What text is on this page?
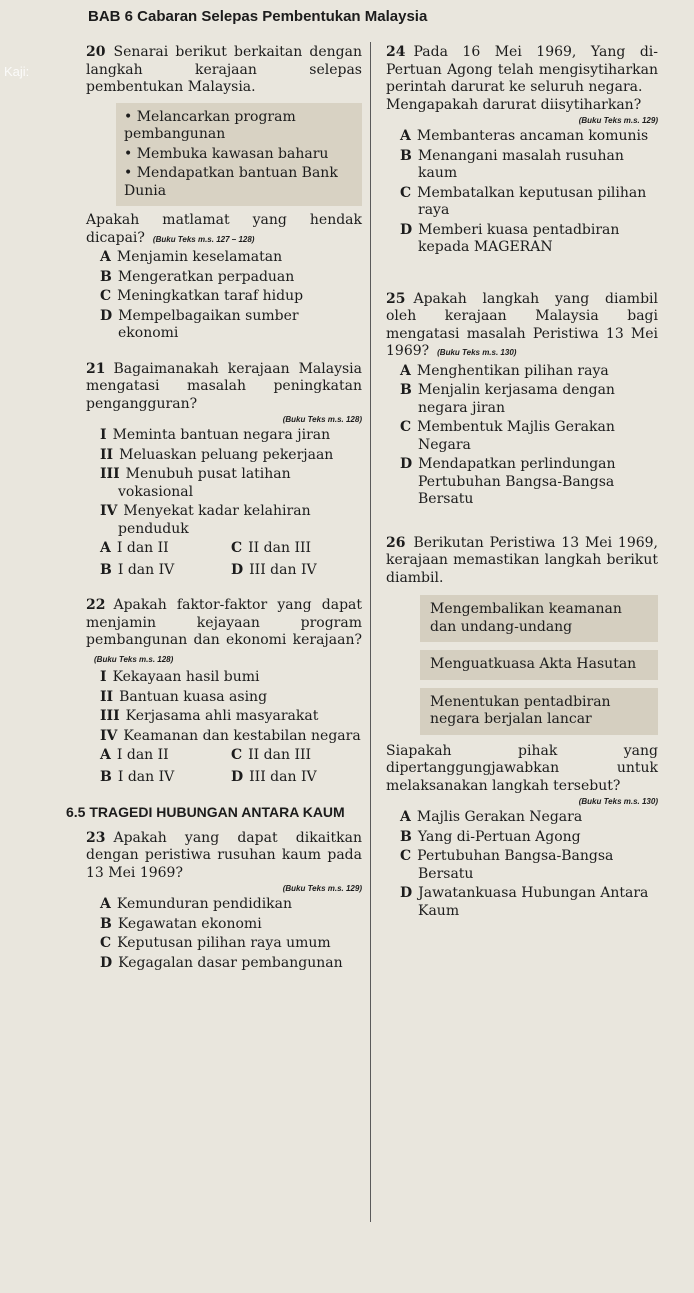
BAB 6 Cabaran Selepas Pembentukan Malaysia
Kaji:
20 Senarai berikut berkaitan dengan langkah kerajaan selepas pembentukan Malaysia.
• Melancarkan program pembangunan
• Membuka kawasan baharu
• Mendapatkan bantuan Bank Dunia
Apakah matlamat yang hendak dicapai? (Buku Teks m.s. 127 – 128)
A Menjamin keselamatan
B Mengeratkan perpaduan
C Meningkatkan taraf hidup
D Mempelbagaikan sumber ekonomi
21 Bagaimanakah kerajaan Malaysia mengatasi masalah peningkatan pengangguran?
(Buku Teks m.s. 128)
I Meminta bantuan negara jiran
II Meluaskan peluang pekerjaan
III Menubuh pusat latihan vokasional
IV Menyekat kadar kelahiran penduduk
A I dan II	C II dan III
B I dan IV	D III dan IV
22 Apakah faktor-faktor yang dapat menjamin kejayaan program pembangunan dan ekonomi kerajaan?(Buku Teks m.s. 128)
I Kekayaan hasil bumi
II Bantuan kuasa asing
III Kerjasama ahli masyarakat
IV Keamanan dan kestabilan negara
A I dan II	C II dan III
B I dan IV	D III dan IV
6.5 TRAGEDI HUBUNGAN ANTARA KAUM
23 Apakah yang dapat dikaitkan dengan peristiwa rusuhan kaum pada 13 Mei 1969?
(Buku Teks m.s. 129)
A Kemunduran pendidikan
B Kegawatan ekonomi
C Keputusan pilihan raya umum
D Kegagalan dasar pembangunan
24 Pada 16 Mei 1969, Yang di-Pertuan Agong telah mengisytiharkan perintah darurat ke seluruh negara.
Mengapakah darurat diisytiharkan?
(Buku Teks m.s. 129)
A Membanteras ancaman komunis
B Menangani masalah rusuhan kaum
C Membatalkan keputusan pilihan raya
D Memberi kuasa pentadbiran kepada MAGERAN
25 Apakah langkah yang diambil oleh kerajaan Malaysia bagi mengatasi masalah Peristiwa 13 Mei 1969? (Buku Teks m.s. 130)
A Menghentikan pilihan raya
B Menjalin kerjasama dengan negara jiran
C Membentuk Majlis Gerakan Negara
D Mendapatkan perlindungan Pertubuhan Bangsa-Bangsa Bersatu
26 Berikutan Peristiwa 13 Mei 1969, kerajaan memastikan langkah berikut diambil.
Mengembalikan keamanan dan undang-undang
Menguatkuasa Akta Hasutan
Menentukan pentadbiran negara berjalan lancar
Siapakah pihak yang dipertanggungjawabkan untuk melaksanakan langkah tersebut?
(Buku Teks m.s. 130)
A Majlis Gerakan Negara
B Yang di-Pertuan Agong
C Pertubuhan Bangsa-Bangsa Bersatu
D Jawatankuasa Hubungan Antara Kaum
